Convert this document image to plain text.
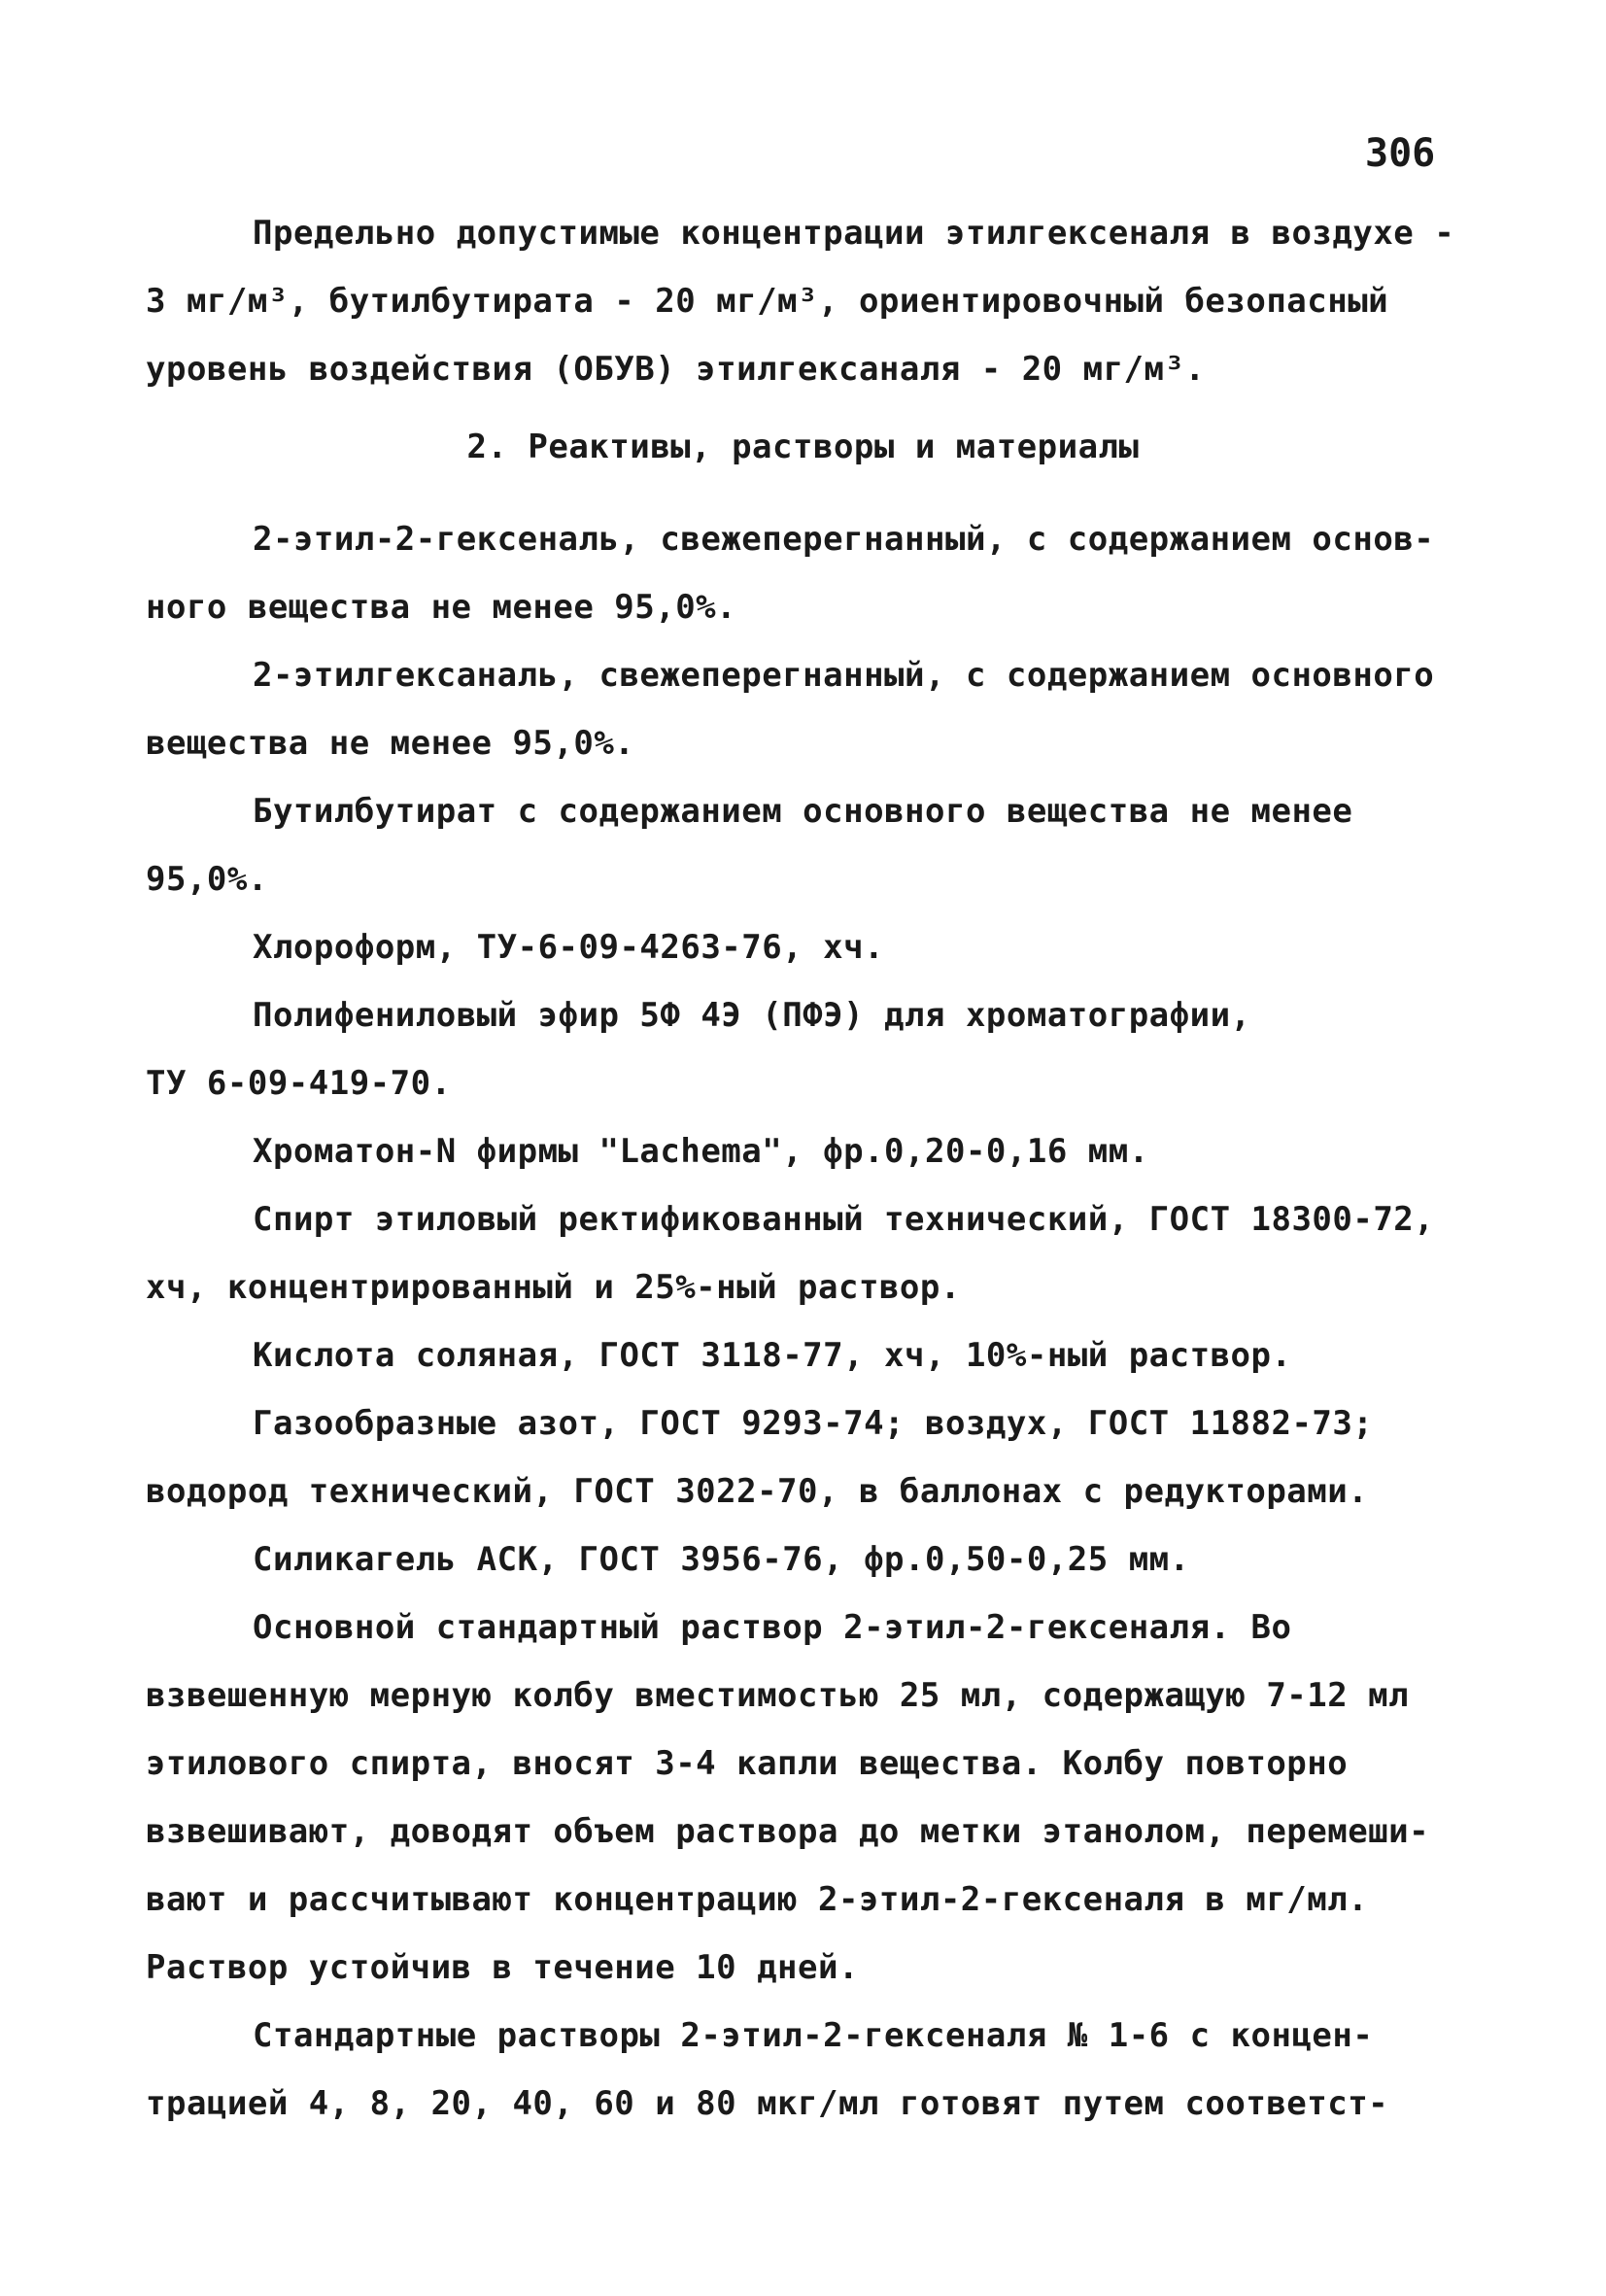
306
Предельно допустимые концентрации этилгексеналя в воздухе -
3 мг/м³, бутилбутирата - 20 мг/м³, ориентировочный безопасный
уровень воздействия (ОБУВ) этилгексаналя - 20 мг/м³.
2. Реактивы, растворы и материалы
2-этил-2-гексеналь, свежеперегнанный, с содержанием основ-
ного вещества не менее 95,0%.
2-этилгексаналь, свежеперегнанный, с содержанием основного
вещества не менее 95,0%.
Бутилбутират с содержанием основного вещества не менее
95,0%.
Хлороформ, ТУ-6-09-4263-76, хч.
Полифениловый эфир 5Ф 4Э (ПФЭ) для хроматографии,
ТУ 6-09-419-70.
Хроматон-N фирмы "Lachema", фр.0,20-0,16 мм.
Спирт этиловый ректификованный технический, ГОСТ 18300-72,
хч, концентрированный и 25%-ный раствор.
Кислота соляная, ГОСТ 3118-77, хч, 10%-ный раствор.
Газообразные азот, ГОСТ 9293-74; воздух, ГОСТ 11882-73;
водород технический, ГОСТ 3022-70, в баллонах с редукторами.
Силикагель АСК, ГОСТ 3956-76, фр.0,50-0,25 мм.
Основной стандартный раствор 2-этил-2-гексеналя. Во
взвешенную мерную колбу вместимостью 25 мл, содержащую 7-12 мл
этилового спирта, вносят 3-4 капли вещества. Колбу повторно
взвешивают, доводят объем раствора до метки этанолом, перемеши-
вают и рассчитывают концентрацию 2-этил-2-гексеналя в мг/мл.
Раствор устойчив в течение 10 дней.
Стандартные растворы 2-этил-2-гексеналя № 1-6 с концен-
трацией 4, 8, 20, 40, 60 и 80 мкг/мл готовят путем соответст-
